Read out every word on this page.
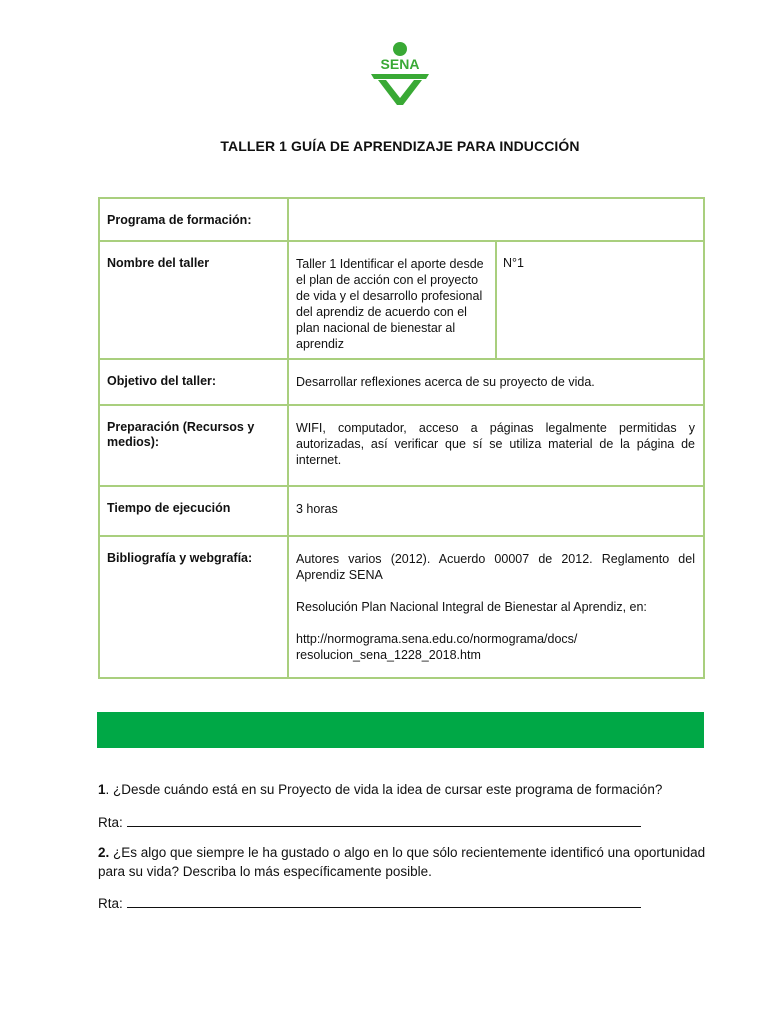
SENA
TALLER 1 GUÍA DE APRENDIZAJE PARA INDUCCIÓN
Programa de formación:		
Nombre del taller	Taller 1 Identificar el aporte desde el plan de acción con el proyecto de vida y el desarrollo profesional del aprendiz de acuerdo con el plan nacional de bienestar al aprendiz	N°1
Objetivo del taller:	Desarrollar reflexiones acerca de su proyecto de vida.	
Preparación (Recursos y medios):	WIFI, computador, acceso a páginas legalmente permitidas y autorizadas, así verificar que sí se utiliza material de la página de internet.	
Tiempo de ejecución	3 horas	
Bibliografía y webgrafía:	Autores varios (2012). Acuerdo 00007 de 2012. Reglamento del Aprendiz SENA

Resolución Plan Nacional Integral de Bienestar al Aprendiz, en:

http://normograma.sena.edu.co/normograma/docs/
resolucion_sena_1228_2018.htm	

1. ¿Desde cuándo está en su Proyecto de vida la idea de cursar este programa de formación?
Rta:
2. ¿Es algo que siempre le ha gustado o algo en lo que sólo recientemente identificó una oportunidad para su vida? Describa lo más específicamente posible.
Rta:
